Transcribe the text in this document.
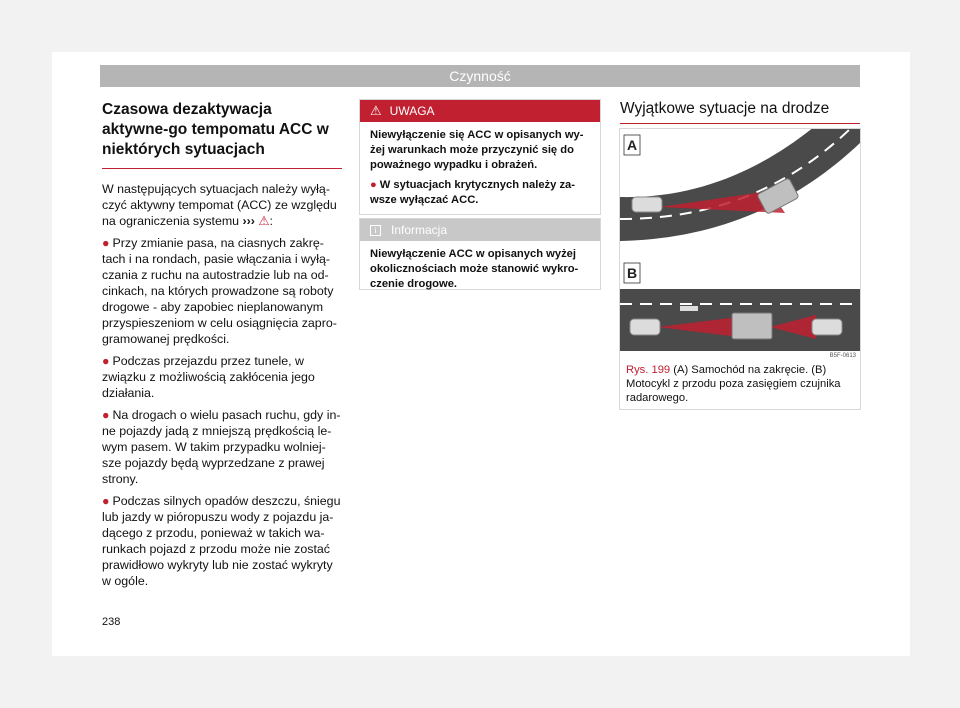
Czynność
Czasowa dezaktywacja aktywne-go tempomatu ACC w niektórych sytuacjach

W następujących sytuacjach należy wyłą-czyć aktywny tempomat (ACC) ze względu na ograniczenia systemu ››› ⚠:

● Przy zmianie pasa, na ciasnych zakrę-tach i na rondach, pasie włączania i wyłą-czania z ruchu na autostradzie lub na od-cinkach, na których prowadzone są roboty drogowe - aby zapobiec nieplanowanym przyspieszeniom w celu osiągnięcia zapro-gramowanej prędkości.

● Podczas przejazdu przez tunele, w związku z możliwością zakłócenia jego działania.

● Na drogach o wielu pasach ruchu, gdy in-ne pojazdy jadą z mniejszą prędkością le-wym pasem. W takim przypadku wolniej-sze pojazdy będą wyprzedzane z prawej strony.

● Podczas silnych opadów deszczu, śniegu lub jazdy w pióropuszu wody z pojazdu ja-dącego z przodu, ponieważ w takich wa-runkach pojazd z przodu może nie zostać prawidłowo wykryty lub nie zostać wykryty w ogóle.

⚠ UWAGA

Niewyłączenie się ACC w opisanych wy-żej warunkach może przyczynić się do poważnego wypadku i obrażeń.

● W sytuacjach krytycznych należy za-wsze wyłączać ACC.

i Informacja
Niewyłączenie ACC w opisanych wyżej okolicznościach może stanowić wykro-czenie drogowe.
Wyjątkowe sytuacje na drodze
A
B
B5F-0613
Rys. 199 (A) Samochód na zakręcie. (B) Motocykl z przodu poza zasięgiem czujnika radarowego.
238
